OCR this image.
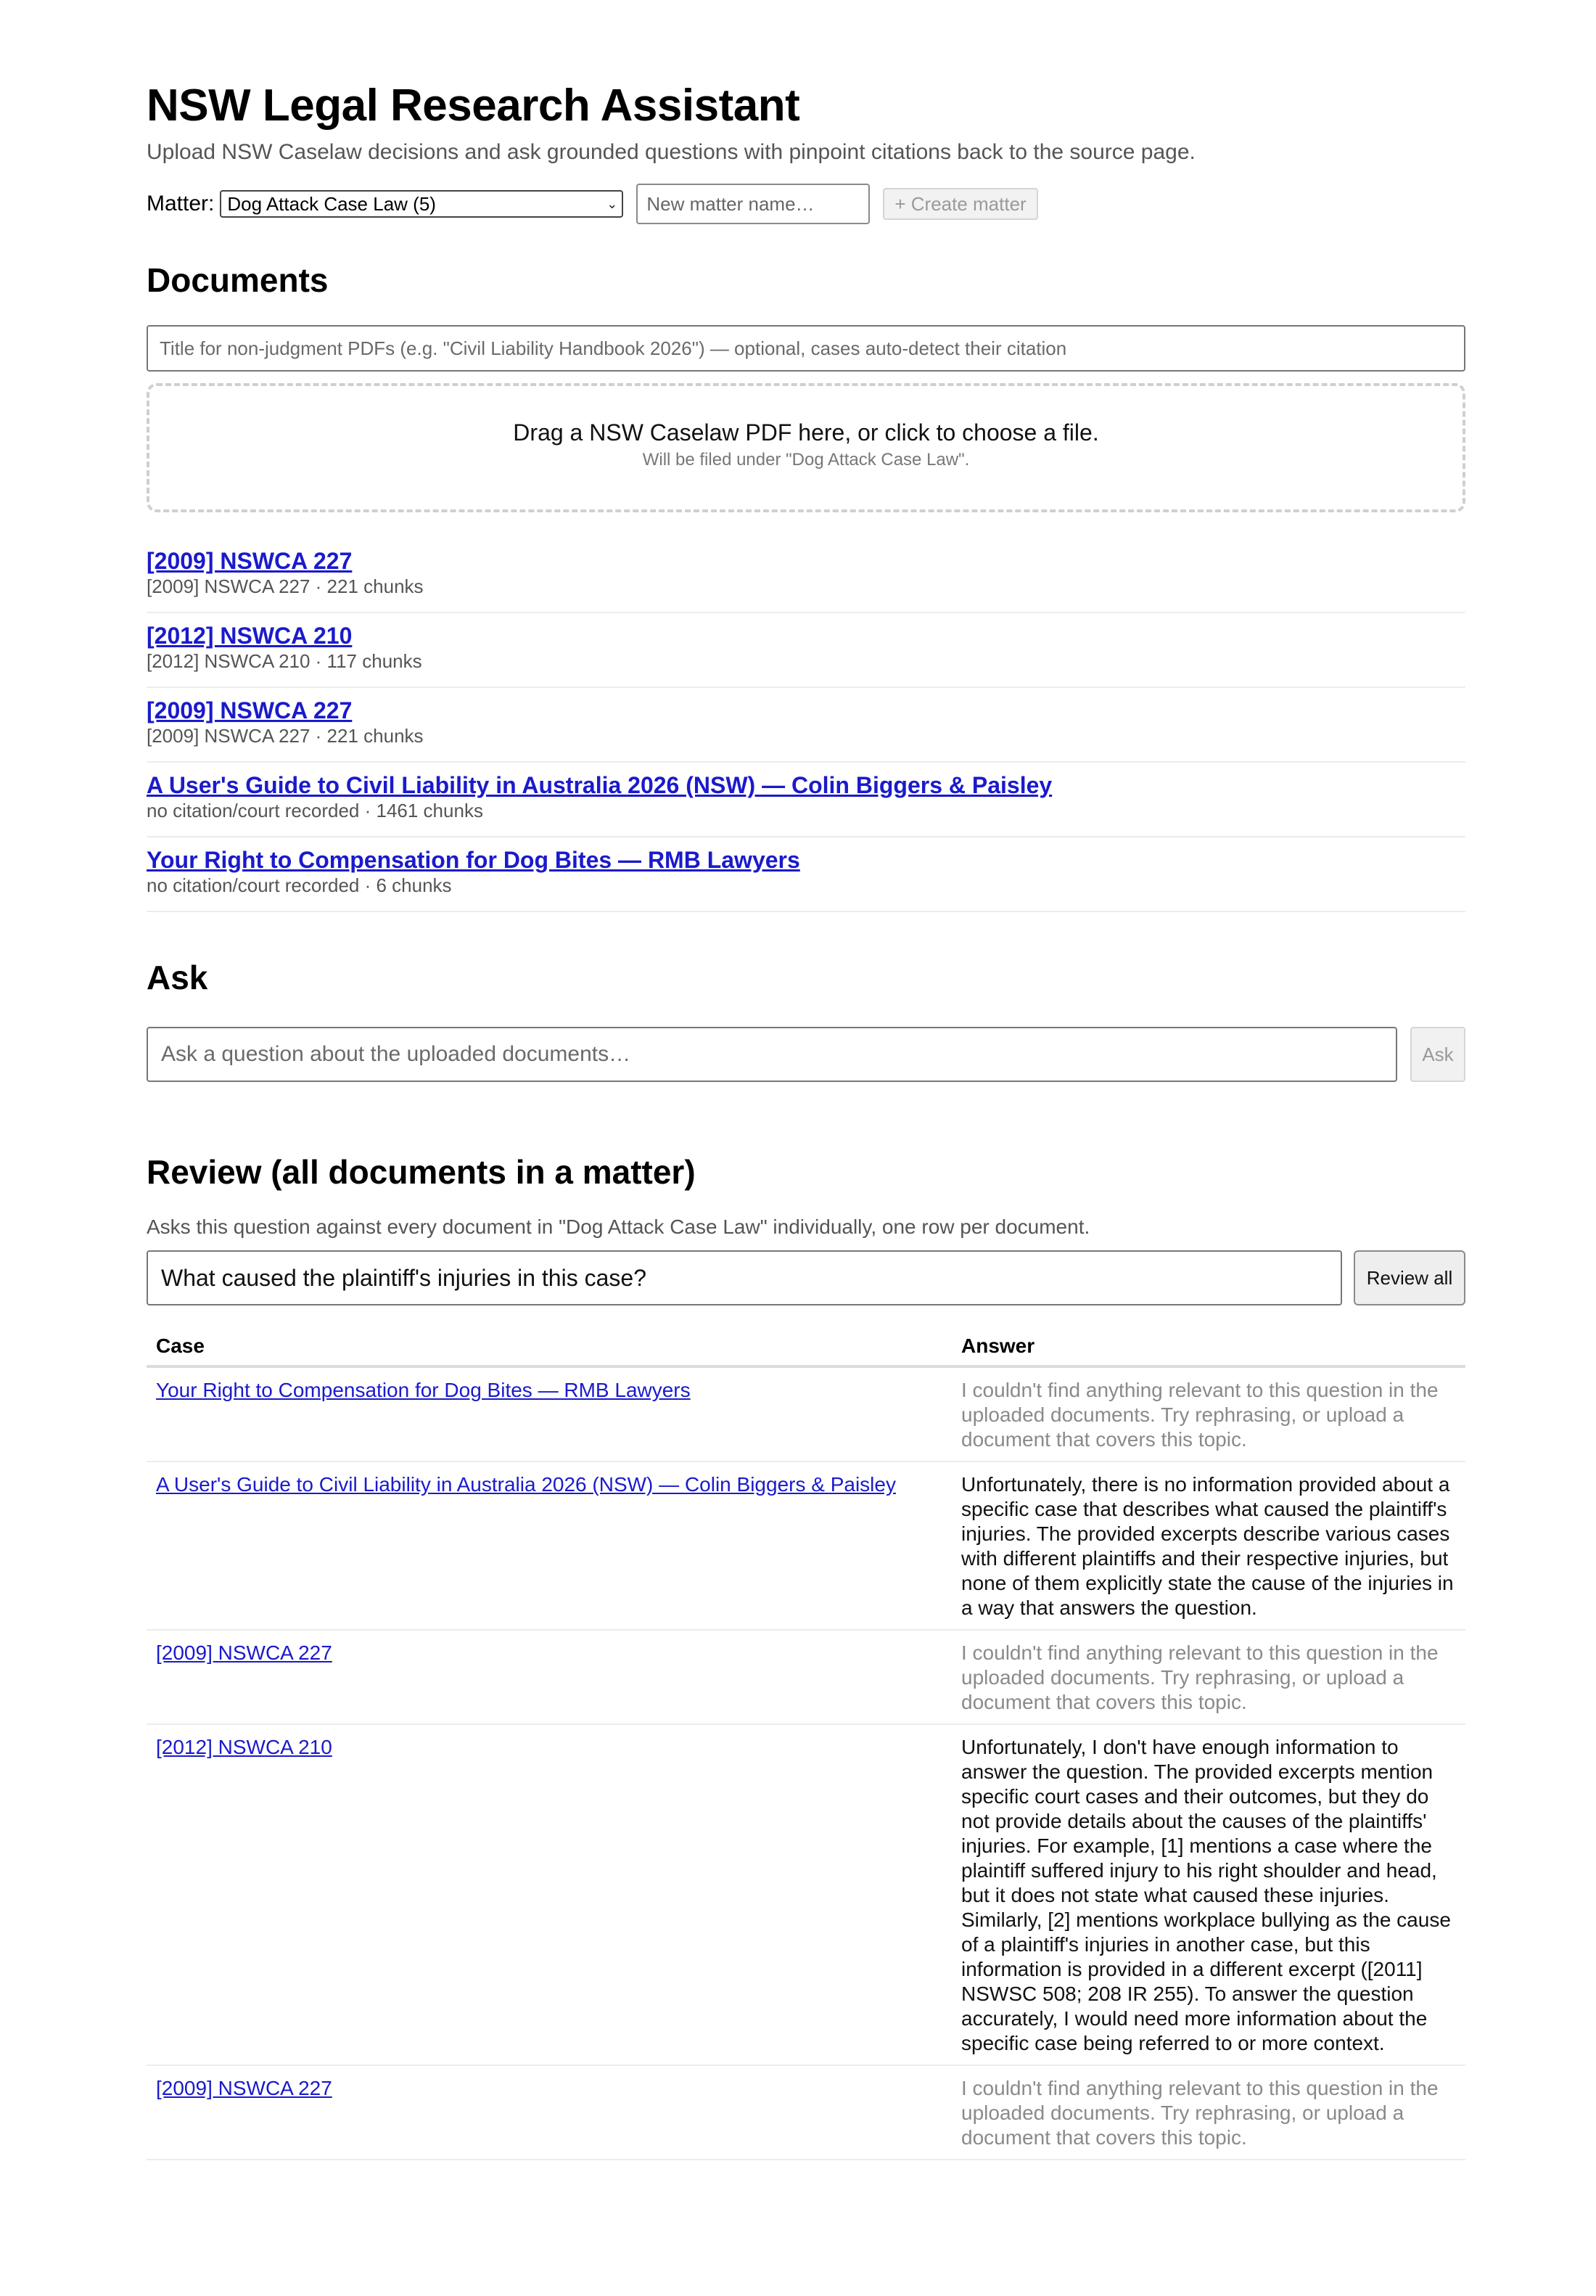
NSW Legal Research Assistant
Upload NSW Caselaw decisions and ask grounded questions with pinpoint citations back to the source page.
Matter: Dog Attack Case Law (5)	⌄
New matter name…	+ Create matter
Documents
Title for non-judgment PDFs (e.g. "Civil Liability Handbook 2026") — optional, cases auto-detect their citation
Drag a NSW Caselaw PDF here, or click to choose a file.
Will be filed under "Dog Attack Case Law".
[2009] NSWCA 227
[2009] NSWCA 227 · 221 chunks
[2012] NSWCA 210
[2012] NSWCA 210 · 117 chunks
[2009] NSWCA 227
[2009] NSWCA 227 · 221 chunks
A User's Guide to Civil Liability in Australia 2026 (NSW) — Colin Biggers & Paisley
no citation/court recorded · 1461 chunks
Your Right to Compensation for Dog Bites — RMB Lawyers
no citation/court recorded · 6 chunks
Ask
Ask a question about the uploaded documents…
Ask
Review (all documents in a matter)
Asks this question against every document in "Dog Attack Case Law" individually, one row per document.
What caused the plaintiff's injuries in this case?
Review all
Case	Answer
Your Right to Compensation for Dog Bites — RMB Lawyers	I couldn't find anything relevant to this question in the uploaded documents. Try rephrasing, or upload a document that covers this topic.
A User's Guide to Civil Liability in Australia 2026 (NSW) — Colin Biggers & Paisley	Unfortunately, there is no information provided about a specific case that describes what caused the plaintiff's injuries. The provided excerpts describe various cases with different plaintiffs and their respective injuries, but none of them explicitly state the cause of the injuries in a way that answers the question.
[2009] NSWCA 227	I couldn't find anything relevant to this question in the uploaded documents. Try rephrasing, or upload a document that covers this topic.
[2012] NSWCA 210	Unfortunately, I don't have enough information to answer the question. The provided excerpts mention specific court cases and their outcomes, but they do not provide details about the causes of the plaintiffs' injuries. For example, [1] mentions a case where the plaintiff suffered injury to his right shoulder and head, but it does not state what caused these injuries. Similarly, [2] mentions workplace bullying as the cause of a plaintiff's injuries in another case, but this information is provided in a different excerpt ([2011] NSWSC 508; 208 IR 255). To answer the question accurately, I would need more information about the specific case being referred to or more context.
[2009] NSWCA 227	I couldn't find anything relevant to this question in the uploaded documents. Try rephrasing, or upload a document that covers this topic.
